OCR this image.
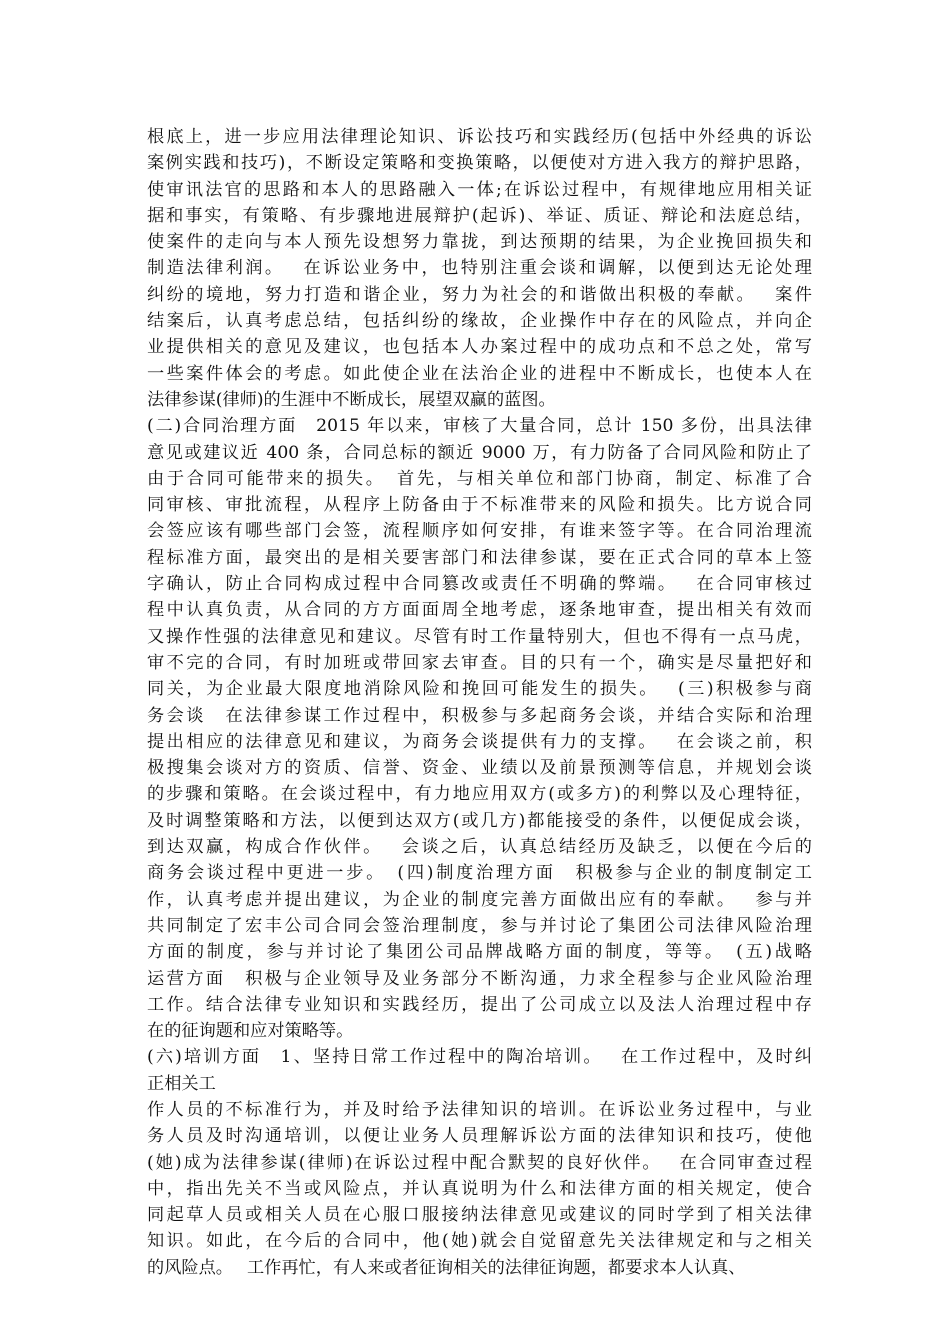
根底上，进一步应用法律理论知识、诉讼技巧和实践经历(包括中外经典的诉讼
案例实践和技巧)，不断设定策略和变换策略，以便使对方进入我方的辩护思路，
使审讯法官的思路和本人的思路融入一体;在诉讼过程中，有规律地应用相关证
据和事实，有策略、有步骤地进展辩护(起诉)、举证、质证、辩论和法庭总结，
使案件的走向与本人预先设想努力靠拢，到达预期的结果，为企业挽回损失和
制造法律利润。　 在诉讼业务中，也特别注重会谈和调解，以便到达无论处理
纠纷的境地，努力打造和谐企业，努力为社会的和谐做出积极的奉献。　 案件
结案后，认真考虑总结，包括纠纷的缘故，企业操作中存在的风险点，并向企
业提供相关的意见及建议，也包括本人办案过程中的成功点和不总之处，常写
一些案件体会的考虑。如此使企业在法治企业的进程中不断成长，也使本人在
法律参谋(律师)的生涯中不断成长，展望双赢的蓝图。
(二)合同治理方面　2015 年以来，审核了大量合同，总计 150 多份，出具法律
意见或建议近 400 条，合同总标的额近 9000 万，有力防备了合同风险和防止了
由于合同可能带来的损失。　首先，与相关单位和部门协商，制定、标准了合
同审核、审批流程，从程序上防备由于不标准带来的风险和损失。比方说合同
会签应该有哪些部门会签，流程顺序如何安排，有谁来签字等。在合同治理流
程标准方面，最突出的是相关要害部门和法律参谋，要在正式合同的草本上签
字确认，防止合同构成过程中合同篡改或责任不明确的弊端。　 在合同审核过
程中认真负责，从合同的方方面面周全地考虑，逐条地审查，提出相关有效而
又操作性强的法律意见和建议。尽管有时工作量特别大，但也不得有一点马虎，
审不完的合同，有时加班或带回家去审查。目的只有一个，确实是尽量把好和
同关，为企业最大限度地消除风险和挽回可能发生的损失。　 (三)积极参与商
务会谈　在法律参谋工作过程中，积极参与多起商务会谈，并结合实际和治理
提出相应的法律意见和建议，为商务会谈提供有力的支撑。　 在会谈之前，积
极搜集会谈对方的资质、信誉、资金、业绩以及前景预测等信息，并规划会谈
的步骤和策略。在会谈过程中，有力地应用双方(或多方)的利弊以及心理特征，
及时调整策略和方法，以便到达双方(或几方)都能接受的条件，以便促成会谈，
到达双赢，构成合作伙伴。　 会谈之后，认真总结经历及缺乏，以便在今后的
商务会谈过程中更进一步。　(四)制度治理方面　积极参与企业的制度制定工
作，认真考虑并提出建议，为企业的制度完善方面做出应有的奉献。　 参与并
共同制定了宏丰公司合同会签治理制度，参与并讨论了集团公司法律风险治理
方面的制度，参与并讨论了集团公司品牌战略方面的制度，等等。　(五)战略
运营方面　积极与企业领导及业务部分不断沟通，力求全程参与企业风险治理
工作。结合法律专业知识和实践经历，提出了公司成立以及法人治理过程中存
在的征询题和应对策略等。
(六)培训方面　1、坚持日常工作过程中的陶冶培训。　 在工作过程中，及时纠
正相关工
作人员的不标准行为，并及时给予法律知识的培训。在诉讼业务过程中，与业
务人员及时沟通培训，以便让业务人员理解诉讼方面的法律知识和技巧，使他
(她)成为法律参谋(律师)在诉讼过程中配合默契的良好伙伴。　 在合同审查过程
中，指出先关不当或风险点，并认真说明为什么和法律方面的相关规定，使合
同起草人员或相关人员在心服口服接纳法律意见或建议的同时学到了相关法律
知识。如此，在今后的合同中，他(她)就会自觉留意先关法律规定和与之相关
的风险点。　 工作再忙，有人来或者征询相关的法律征询题，都要求本人认真、
